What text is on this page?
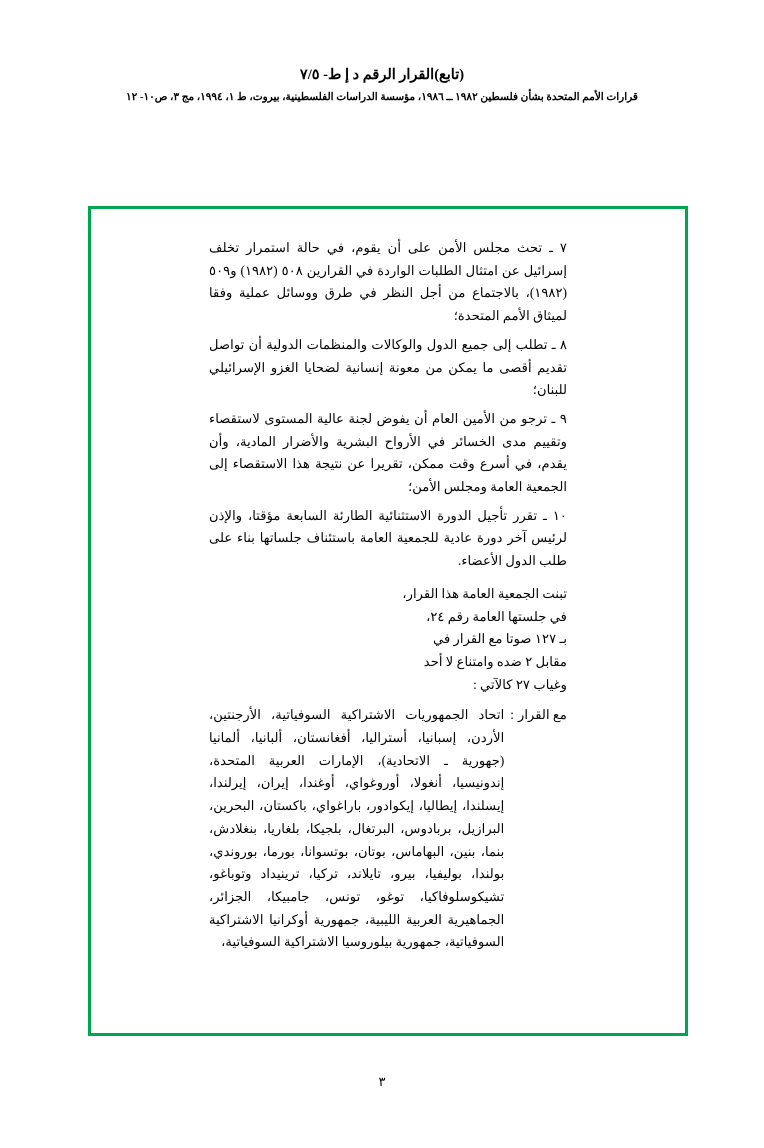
(تابع)القرار الرقم د إ ط- ٧/٥
قرارات الأمم المتحدة بشأن فلسطين ١٩٨٢ ــ ١٩٨٦، مؤسسة الدراسات الفلسطينية، بيروت، ط ١، ١٩٩٤، مج ٣، ص١٠- ١٢

٧ ـ تحث مجلس الأمن على أن يقوم، في حالة استمرار تخلف إسرائيل عن امتثال الطلبات الواردة في القرارين ٥٠٨ (١٩٨٢) و٥٠٩ (١٩٨٢)، بالاجتماع من أجل النظر في طرق ووسائل عملية وفقا لميثاق الأمم المتحدة؛

٨ ـ تطلب إلى جميع الدول والوكالات والمنظمات الدولية أن تواصل تقديم أقصى ما يمكن من معونة إنسانية لضحايا الغزو الإسرائيلي للبنان؛

٩ ـ ترجو من الأمين العام أن يفوض لجنة عالية المستوى لاستقصاء وتقييم مدى الخسائر في الأرواح البشرية والأضرار المادية، وأن يقدم، في أسرع وقت ممكن، تقريرا عن نتيجة هذا الاستقصاء إلى الجمعية العامة ومجلس الأمن؛

١٠ ـ تقرر تأجيل الدورة الاستثنائية الطارئة السابعة مؤقتا، والإذن لرئيس آخر دورة عادية للجمعية العامة باستئناف جلساتها بناء على طلب الدول الأعضاء.

تبنت الجمعية العامة هذا القرار،
في جلستها العامة رقم ٢٤،
بـ ١٢٧ صوتا مع القرار في
مقابل ٢ ضده وامتناع لا أحد
وغياب ٢٧ كالآتي :
مع القرار
:
اتحاد الجمهوريات الاشتراكية السوفياتية، الأرجنتين، الأردن، إسبانيا، أستراليا، أفغانستان، ألبانيا، ألمانيا (جهورية ـ الاتحادية)، الإمارات العربية المتحدة، إندونيسيا، أنغولا، أوروغواي، أوغندا، إيران، إيرلندا، إيسلندا، إيطاليا، إيكوادور، باراغواي، باكستان، البحرين، البرازيل، بربادوس، البرتغال، بلجيكا، بلغاريا، بنغلادش، بنما، بنين، البهاماس، بوتان، بوتسوانا، بورما، بوروندي، بولندا، بوليفيا، بيرو، تايلاند، تركيا، ترينيداد وتوباغو، تشيكوسلوفاكيا، توغو، تونس، جامبيكا، الجزائر، الجماهيرية العربية الليبية، جمهورية أوكرانيا الاشتراكية السوفياتية، جمهورية بيلوروسيا الاشتراكية السوفياتية،
٣
